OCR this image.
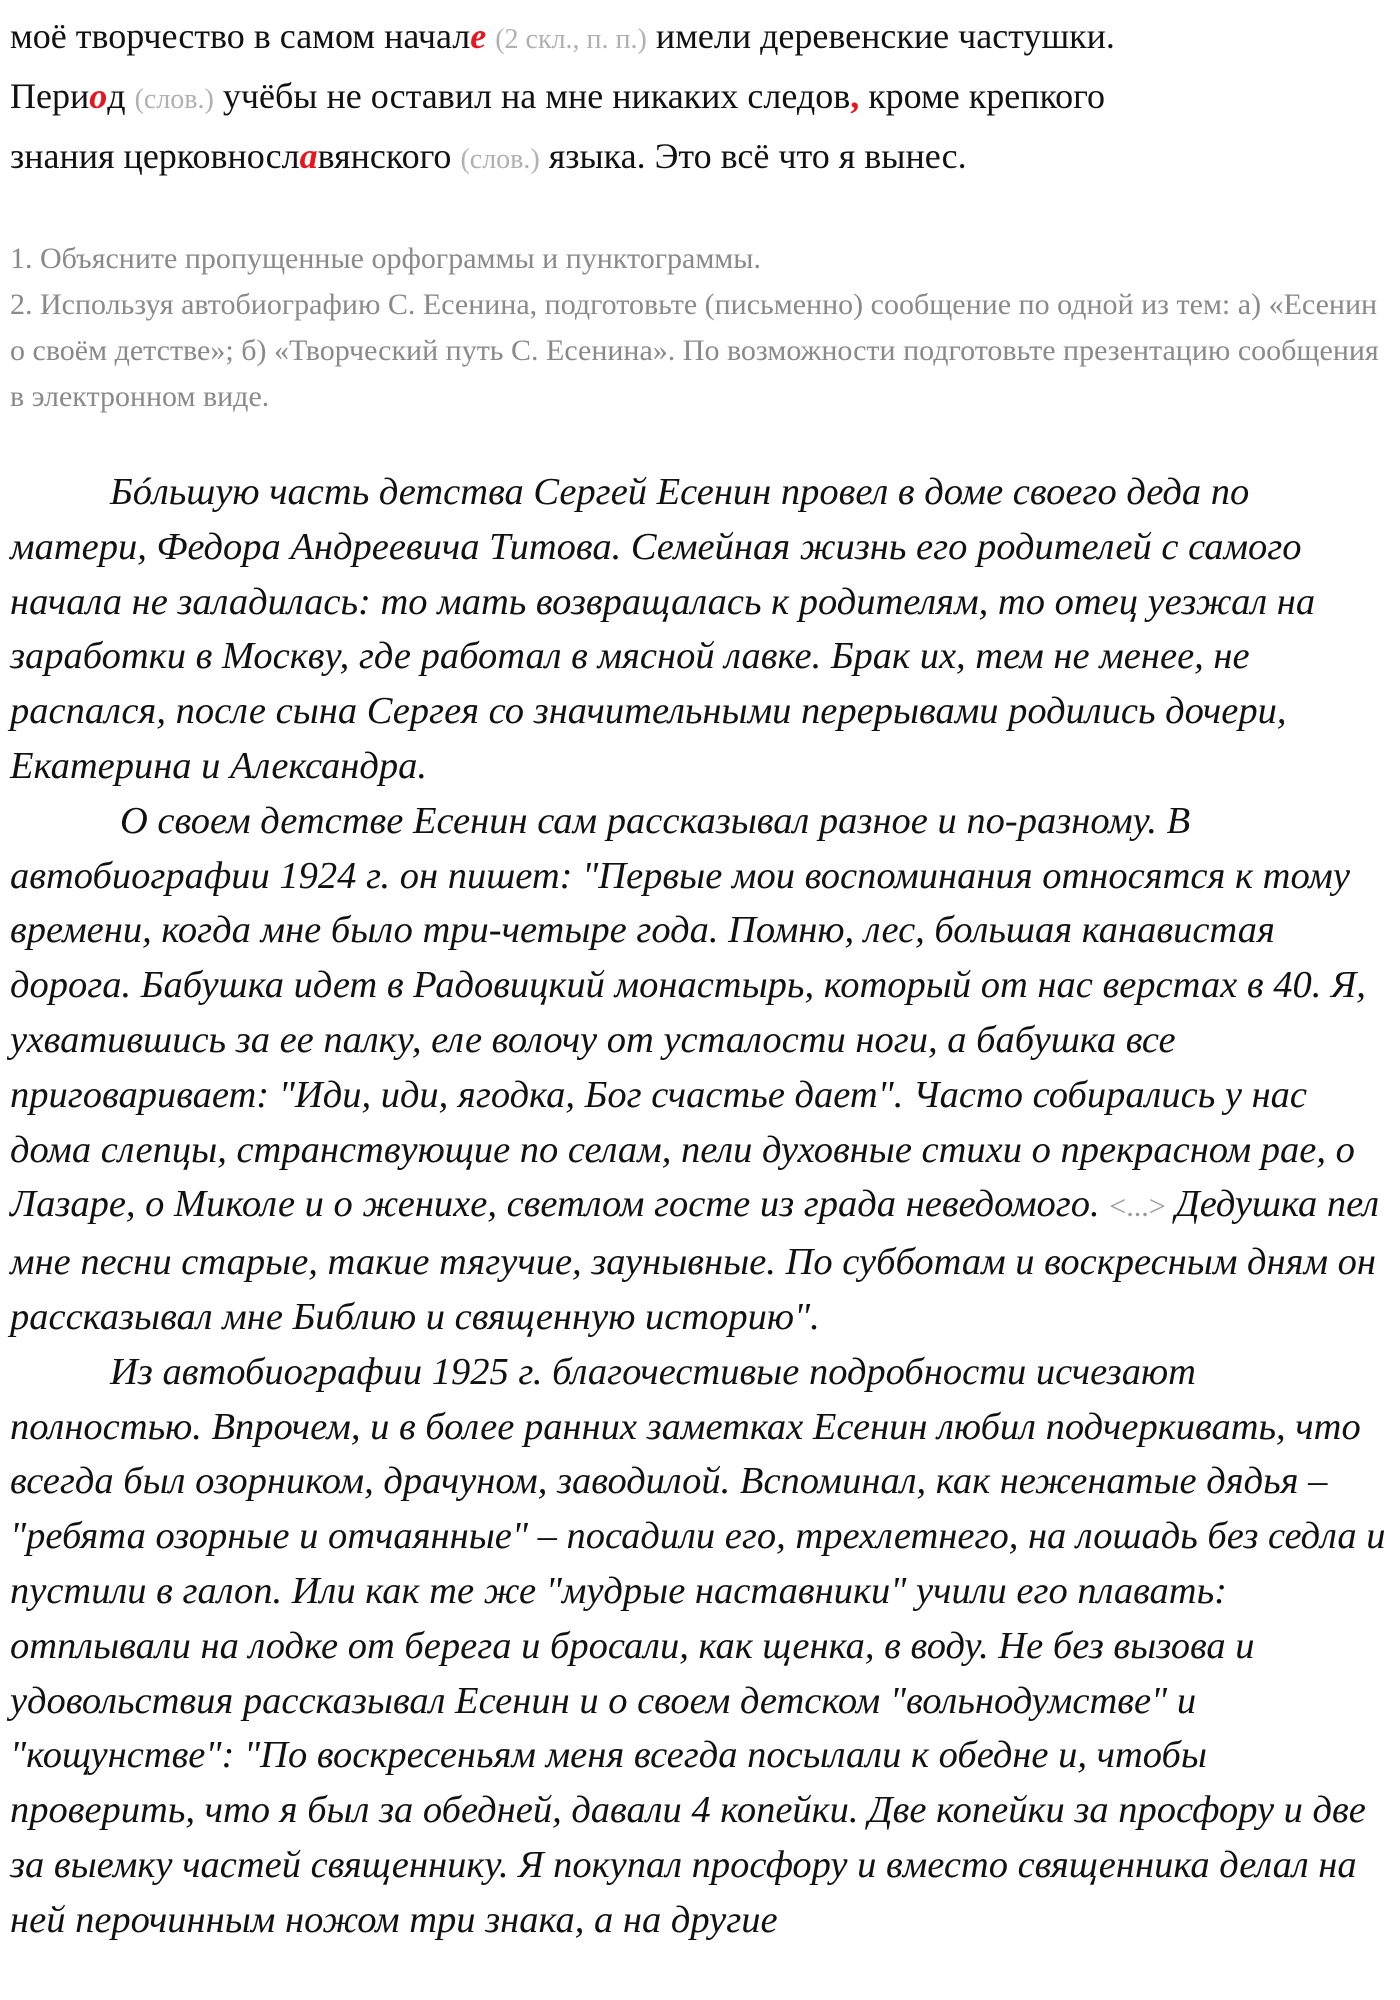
моё творчество в самом начале (2 скл., п. п.) имели деревенские частушки.
Период (слов.) учёбы не оставил на мне никаких следов, кроме крепкого
знания церковнославянского (слов.) языка. Это всё что я вынес.
1. Объясните пропущенные орфограммы и пунктограммы.
2. Используя автобиографию С. Есенина, подготовьте (письменно) сообщение по одной из тем: а) «Есенин о своём детстве»; б) «Творческий путь С. Есенина». По возможности подготовьте презентацию сообщения в электронном виде.

Бóльшую часть детства Сергей Есенин провел в доме своего деда по матери, Федора Андреевича Титова. Семейная жизнь его родителей с самого начала не заладилась: то мать возвращалась к родителям, то отец уезжал на заработки в Москву, где работал в мясной лавке. Брак их, тем не менее, не распался, после сына Сергея со значительными перерывами родились дочери, Екатерина и Александра.

О своем детстве Есенин сам рассказывал разное и по-разному. В автобиографии 1924 г. он пишет: "Первые мои воспоминания относятся к тому времени, когда мне было три-четыре года. Помню, лес, большая канавистая дорога. Бабушка идет в Радовицкий монастырь, который от нас верстах в 40. Я, ухватившись за ее палку, еле волочу от усталости ноги, а бабушка все приговаривает: "Иди, иди, ягодка, Бог счастье дает". Часто собирались у нас дома слепцы, странствующие по селам, пели духовные стихи о прекрасном рае, о Лазаре, о Миколе и о женихе, светлом госте из града неведомого. <...> Дедушка пел мне песни старые, такие тягучие, заунывные. По субботам и воскресным дням он рассказывал мне Библию и священную историю".

Из автобиографии 1925 г. благочестивые подробности исчезают полностью. Впрочем, и в более ранних заметках Есенин любил подчеркивать, что всегда был озорником, драчуном, заводилой. Вспоминал, как неженатые дядья – "ребята озорные и отчаянные" – посадили его, трехлетнего, на лошадь без седла и пустили в галоп. Или как те же "мудрые наставники" учили его плавать: отплывали на лодке от берега и бросали, как щенка, в воду. Не без вызова и удовольствия рассказывал Есенин и о своем детском "вольнодумстве" и "кощунстве": "По воскресеньям меня всегда посылали к обедне и, чтобы проверить, что я был за обедней, давали 4 копейки. Две копейки за просфору и две за выемку частей священнику. Я покупал просфору и вместо священника делал на ней перочинным ножом три знака, а на другие
